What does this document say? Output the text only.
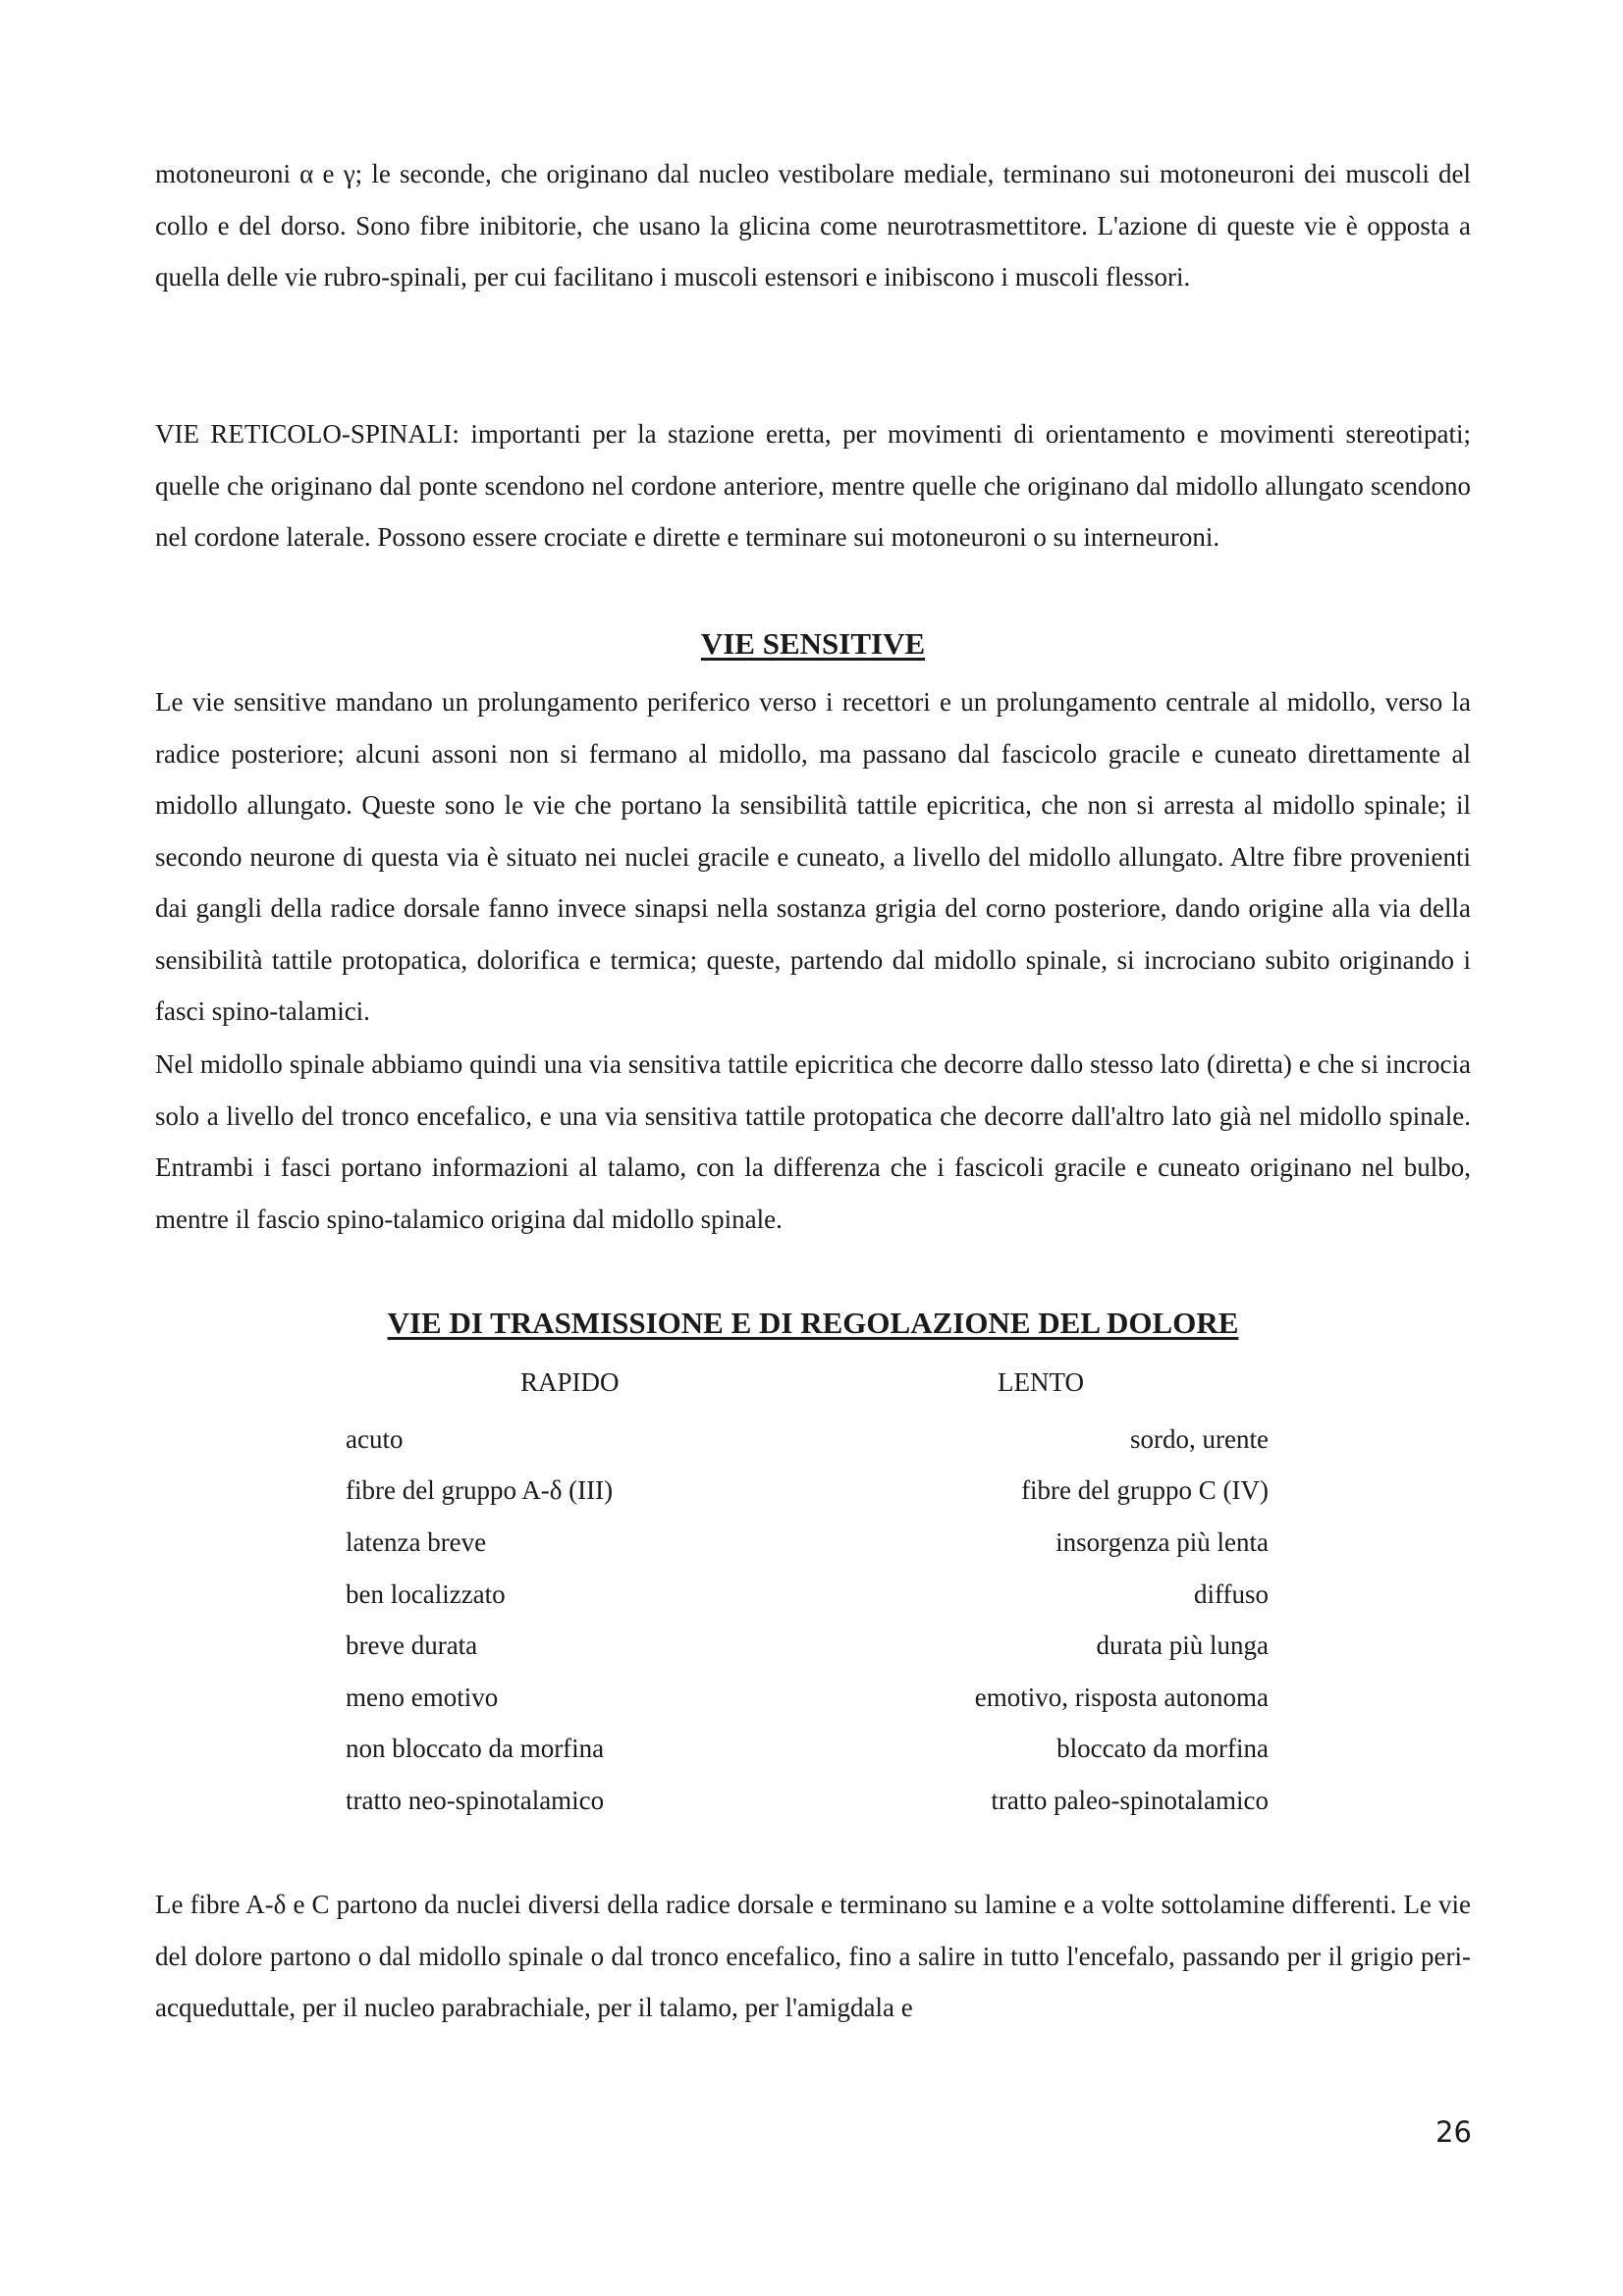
motoneuroni α e γ; le seconde, che originano dal nucleo vestibolare mediale, terminano sui motoneuroni dei muscoli del collo e del dorso. Sono fibre inibitorie, che usano la glicina come neurotrasmettitore. L'azione di queste vie è opposta a quella delle vie rubro-spinali, per cui facilitano i muscoli estensori e inibiscono i muscoli flessori.

VIE RETICOLO-SPINALI: importanti per la stazione eretta, per movimenti di orientamento e movimenti stereotipati; quelle che originano dal ponte scendono nel cordone anteriore, mentre quelle che originano dal midollo allungato scendono nel cordone laterale. Possono essere crociate e dirette e terminare sui motoneuroni o su interneuroni.

VIE SENSITIVE

Le vie sensitive mandano un prolungamento periferico verso i recettori e un prolungamento centrale al midollo, verso la radice posteriore; alcuni assoni non si fermano al midollo, ma passano dal fascicolo gracile e cuneato direttamente al midollo allungato. Queste sono le vie che portano la sensibilità tattile epicritica, che non si arresta al midollo spinale; il secondo neurone di questa via è situato nei nuclei gracile e cuneato, a livello del midollo allungato. Altre fibre provenienti dai gangli della radice dorsale fanno invece sinapsi nella sostanza grigia del corno posteriore, dando origine alla via della sensibilità tattile protopatica, dolorifica e termica; queste, partendo dal midollo spinale, si incrociano subito originando i fasci spino-talamici.

Nel midollo spinale abbiamo quindi una via sensitiva tattile epicritica che decorre dallo stesso lato (diretta) e che si incrocia solo a livello del tronco encefalico, e una via sensitiva tattile protopatica che decorre dall'altro lato già nel midollo spinale. Entrambi i fasci portano informazioni al talamo, con la differenza che i fascicoli gracile e cuneato originano nel bulbo, mentre il fascio spino-talamico origina dal midollo spinale.

VIE DI TRASMISSIONE E DI REGOLAZIONE DEL DOLORE
RAPIDO	LENTO
acuto	sordo, urente
fibre del gruppo A-δ (III)	fibre del gruppo C (IV)
latenza breve	insorgenza più lenta
ben localizzato	diffuso
breve durata	durata più lunga
meno emotivo	emotivo, risposta autonoma
non bloccato da morfina	bloccato da morfina
tratto neo-spinotalamico	tratto paleo-spinotalamico

Le fibre A-δ e C partono da nuclei diversi della radice dorsale e terminano su lamine e a volte sottolamine differenti. Le vie del dolore partono o dal midollo spinale o dal tronco encefalico, fino a salire in tutto l'encefalo, passando per il grigio peri-acqueduttale, per il nucleo parabrachiale, per il talamo, per l'amigdala e

26
